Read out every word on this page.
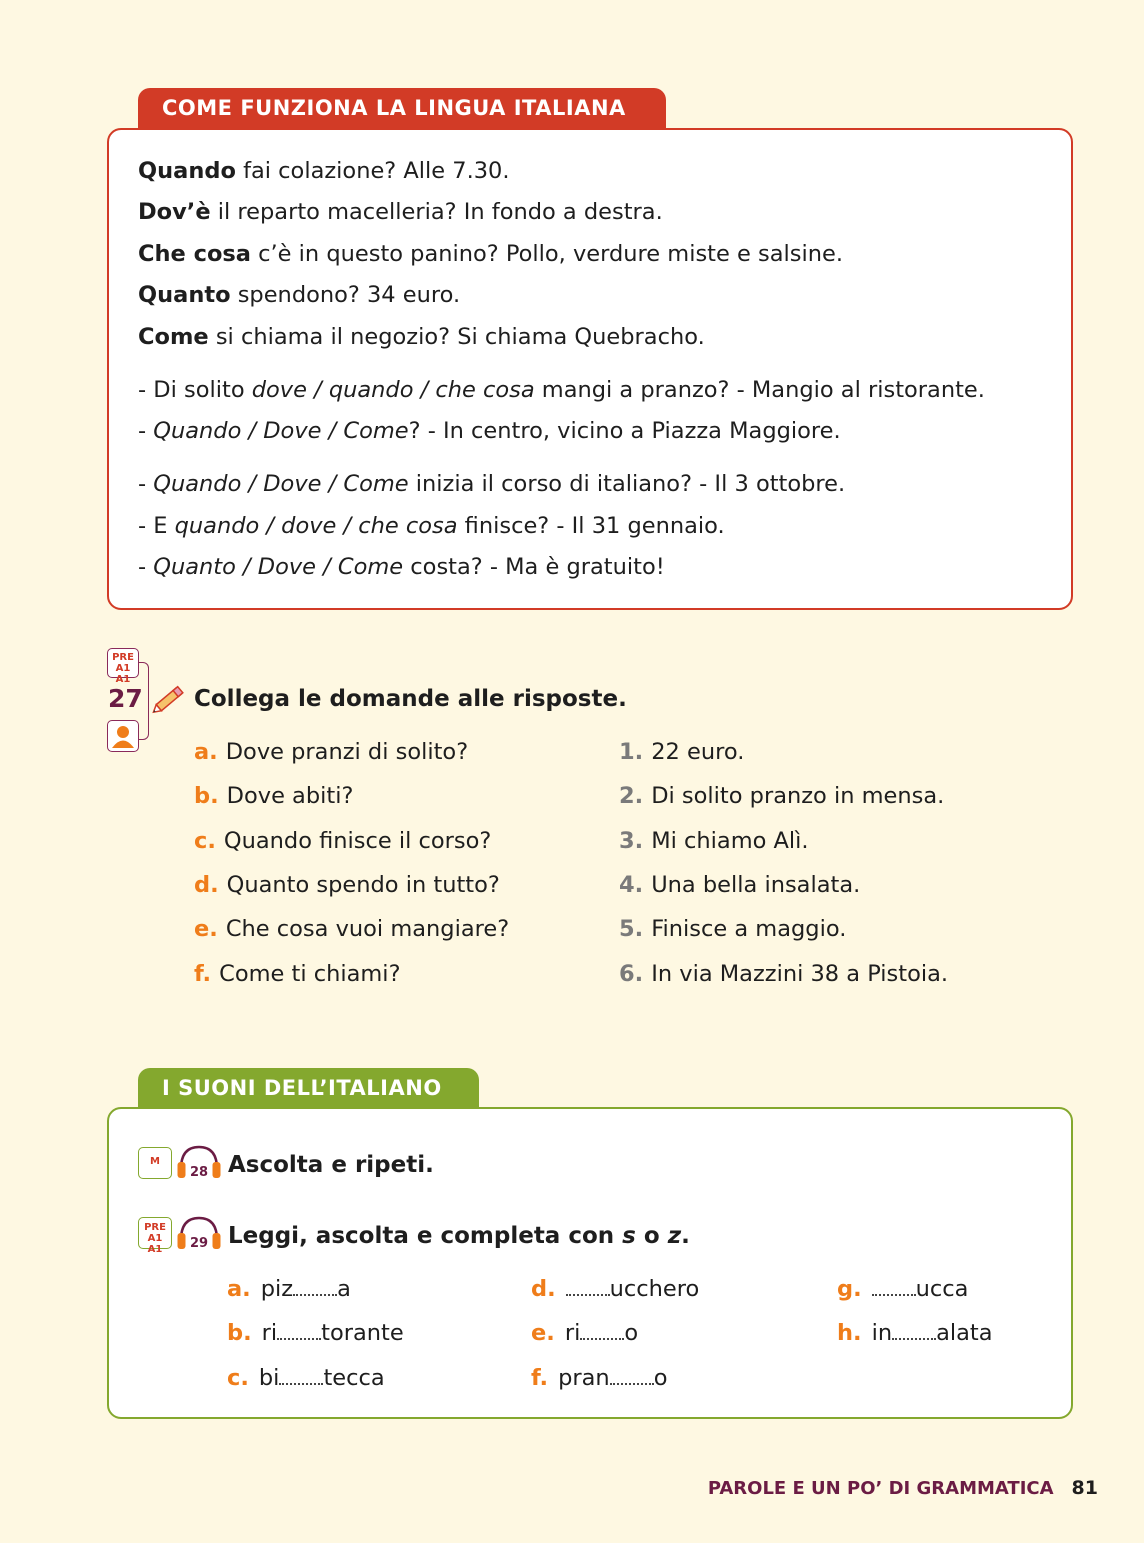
COME FUNZIONA LA LINGUA ITALIANA
Quando fai colazione? Alle 7.30.
Dov’è il reparto macelleria? In fondo a destra.
Che cosa c’è in questo panino? Pollo, verdure miste e salsine.
Quanto spendono? 34 euro.
Come si chiama il negozio? Si chiama Quebracho.
- Di solito dove / quando / che cosa mangi a pranzo? - Mangio al ristorante.
- Quando / Dove / Come? - In centro, vicino a Piazza Maggiore.
- Quando / Dove / Come inizia il corso di italiano? - Il 3 ottobre.
- E quando / dove / che cosa finisce? - Il 31 gennaio.
- Quanto / Dove / Come costa? - Ma è gratuito!
PRE A1
A1
27 Collega le domande alle risposte.
a. Dove pranzi di solito?
b. Dove abiti?
c. Quando finisce il corso?
d. Quanto spendo in tutto?
e. Che cosa vuoi mangiare?
f. Come ti chiami?
1. 22 euro.
2. Di solito pranzo in mensa.
3. Mi chiamo Alì.
4. Una bella insalata.
5. Finisce a maggio.
6. In via Mazzini 38 a Pistoia.
I SUONI DELL’ITALIANO
M
28 Ascolta e ripeti.
PRE A1
A1	29 Leggi, ascolta e completa con s o z.
a. piz a
b. ri torante
c. bi tecca
d. ucchero
e. ri o
f. pran o
g. ucca
h. in alata
PAROLE E UN PO’ DI GRAMMATICA 81
